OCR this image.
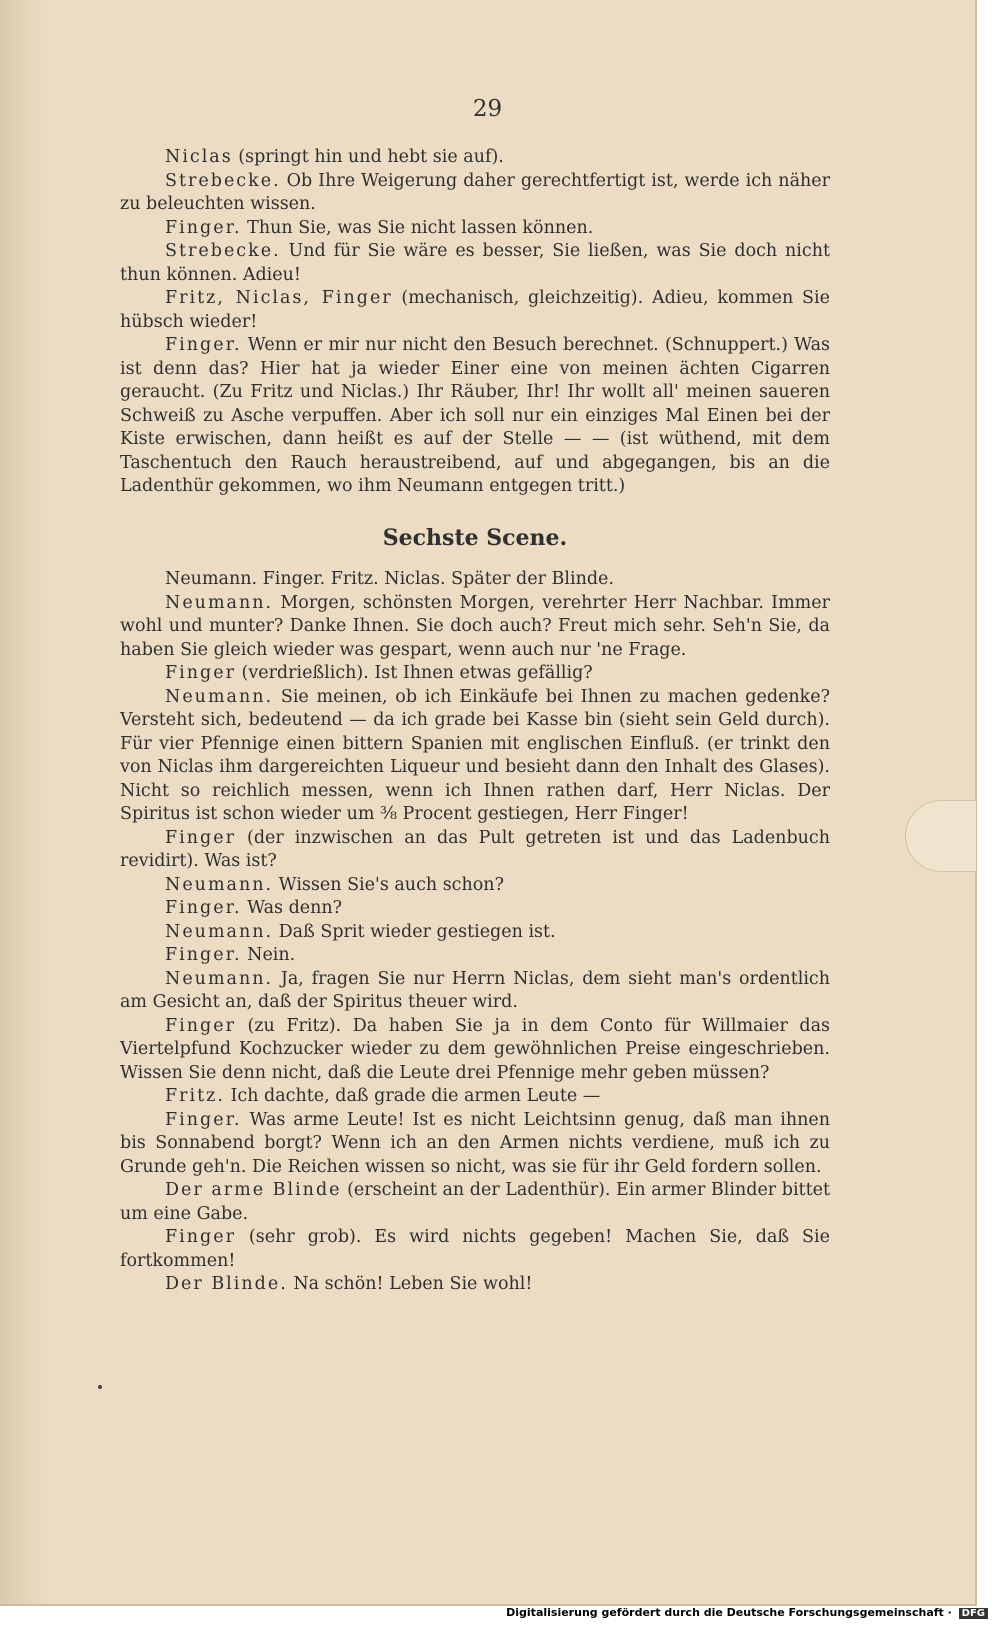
29

Niclas (springt hin und hebt sie auf).

Strebecke. Ob Ihre Weigerung daher gerechtfertigt ist, werde ich näher zu beleuchten wissen.

Finger. Thun Sie, was Sie nicht lassen können.

Strebecke. Und für Sie wäre es besser, Sie ließen, was Sie doch nicht thun können. Adieu!

Fritz, Niclas, Finger (mechanisch, gleichzeitig). Adieu, kommen Sie hübsch wieder!

Finger. Wenn er mir nur nicht den Besuch berechnet. (Schnuppert.) Was ist denn das? Hier hat ja wieder Einer eine von meinen ächten Cigarren geraucht. (Zu Fritz und Niclas.) Ihr Räuber, Ihr! Ihr wollt all' meinen saueren Schweiß zu Asche verpuffen. Aber ich soll nur ein einziges Mal Einen bei der Kiste erwischen, dann heißt es auf der Stelle — — (ist wüthend, mit dem Taschentuch den Rauch heraustreibend, auf und abgegangen, bis an die Ladenthür gekommen, wo ihm Neumann entgegen tritt.)

Sechste Scene.

Neumann. Finger. Fritz. Niclas. Später der Blinde.

Neumann. Morgen, schönsten Morgen, verehrter Herr Nachbar. Immer wohl und munter? Danke Ihnen. Sie doch auch? Freut mich sehr. Seh'n Sie, da haben Sie gleich wieder was gespart, wenn auch nur 'ne Frage.

Finger (verdrießlich). Ist Ihnen etwas gefällig?

Neumann. Sie meinen, ob ich Einkäufe bei Ihnen zu machen gedenke? Versteht sich, bedeutend — da ich grade bei Kasse bin (sieht sein Geld durch). Für vier Pfennige einen bittern Spanien mit englischen Einfluß. (er trinkt den von Niclas ihm dargereichten Liqueur und besieht dann den Inhalt des Glases). Nicht so reichlich messen, wenn ich Ihnen rathen darf, Herr Niclas. Der Spiritus ist schon wieder um ³⁄₈ Procent gestiegen, Herr Finger!

Finger (der inzwischen an das Pult getreten ist und das Ladenbuch revidirt). Was ist?

Neumann. Wissen Sie's auch schon?

Finger. Was denn?

Neumann. Daß Sprit wieder gestiegen ist.

Finger. Nein.

Neumann. Ja, fragen Sie nur Herrn Niclas, dem sieht man's ordentlich am Gesicht an, daß der Spiritus theuer wird.

Finger (zu Fritz). Da haben Sie ja in dem Conto für Willmaier das Viertelpfund Kochzucker wieder zu dem gewöhnlichen Preise eingeschrieben. Wissen Sie denn nicht, daß die Leute drei Pfennige mehr geben müssen?

Fritz. Ich dachte, daß grade die armen Leute —

Finger. Was arme Leute! Ist es nicht Leichtsinn genug, daß man ihnen bis Sonnabend borgt? Wenn ich an den Armen nichts verdiene, muß ich zu Grunde geh'n. Die Reichen wissen so nicht, was sie für ihr Geld fordern sollen.

Der arme Blinde (erscheint an der Ladenthür). Ein armer Blinder bittet um eine Gabe.

Finger (sehr grob). Es wird nichts gegeben! Machen Sie, daß Sie fortkommen!

Der Blinde. Na schön! Leben Sie wohl!

Digitalisierung gefördert durch die Deutsche Forschungsgemeinschaft · DFG
